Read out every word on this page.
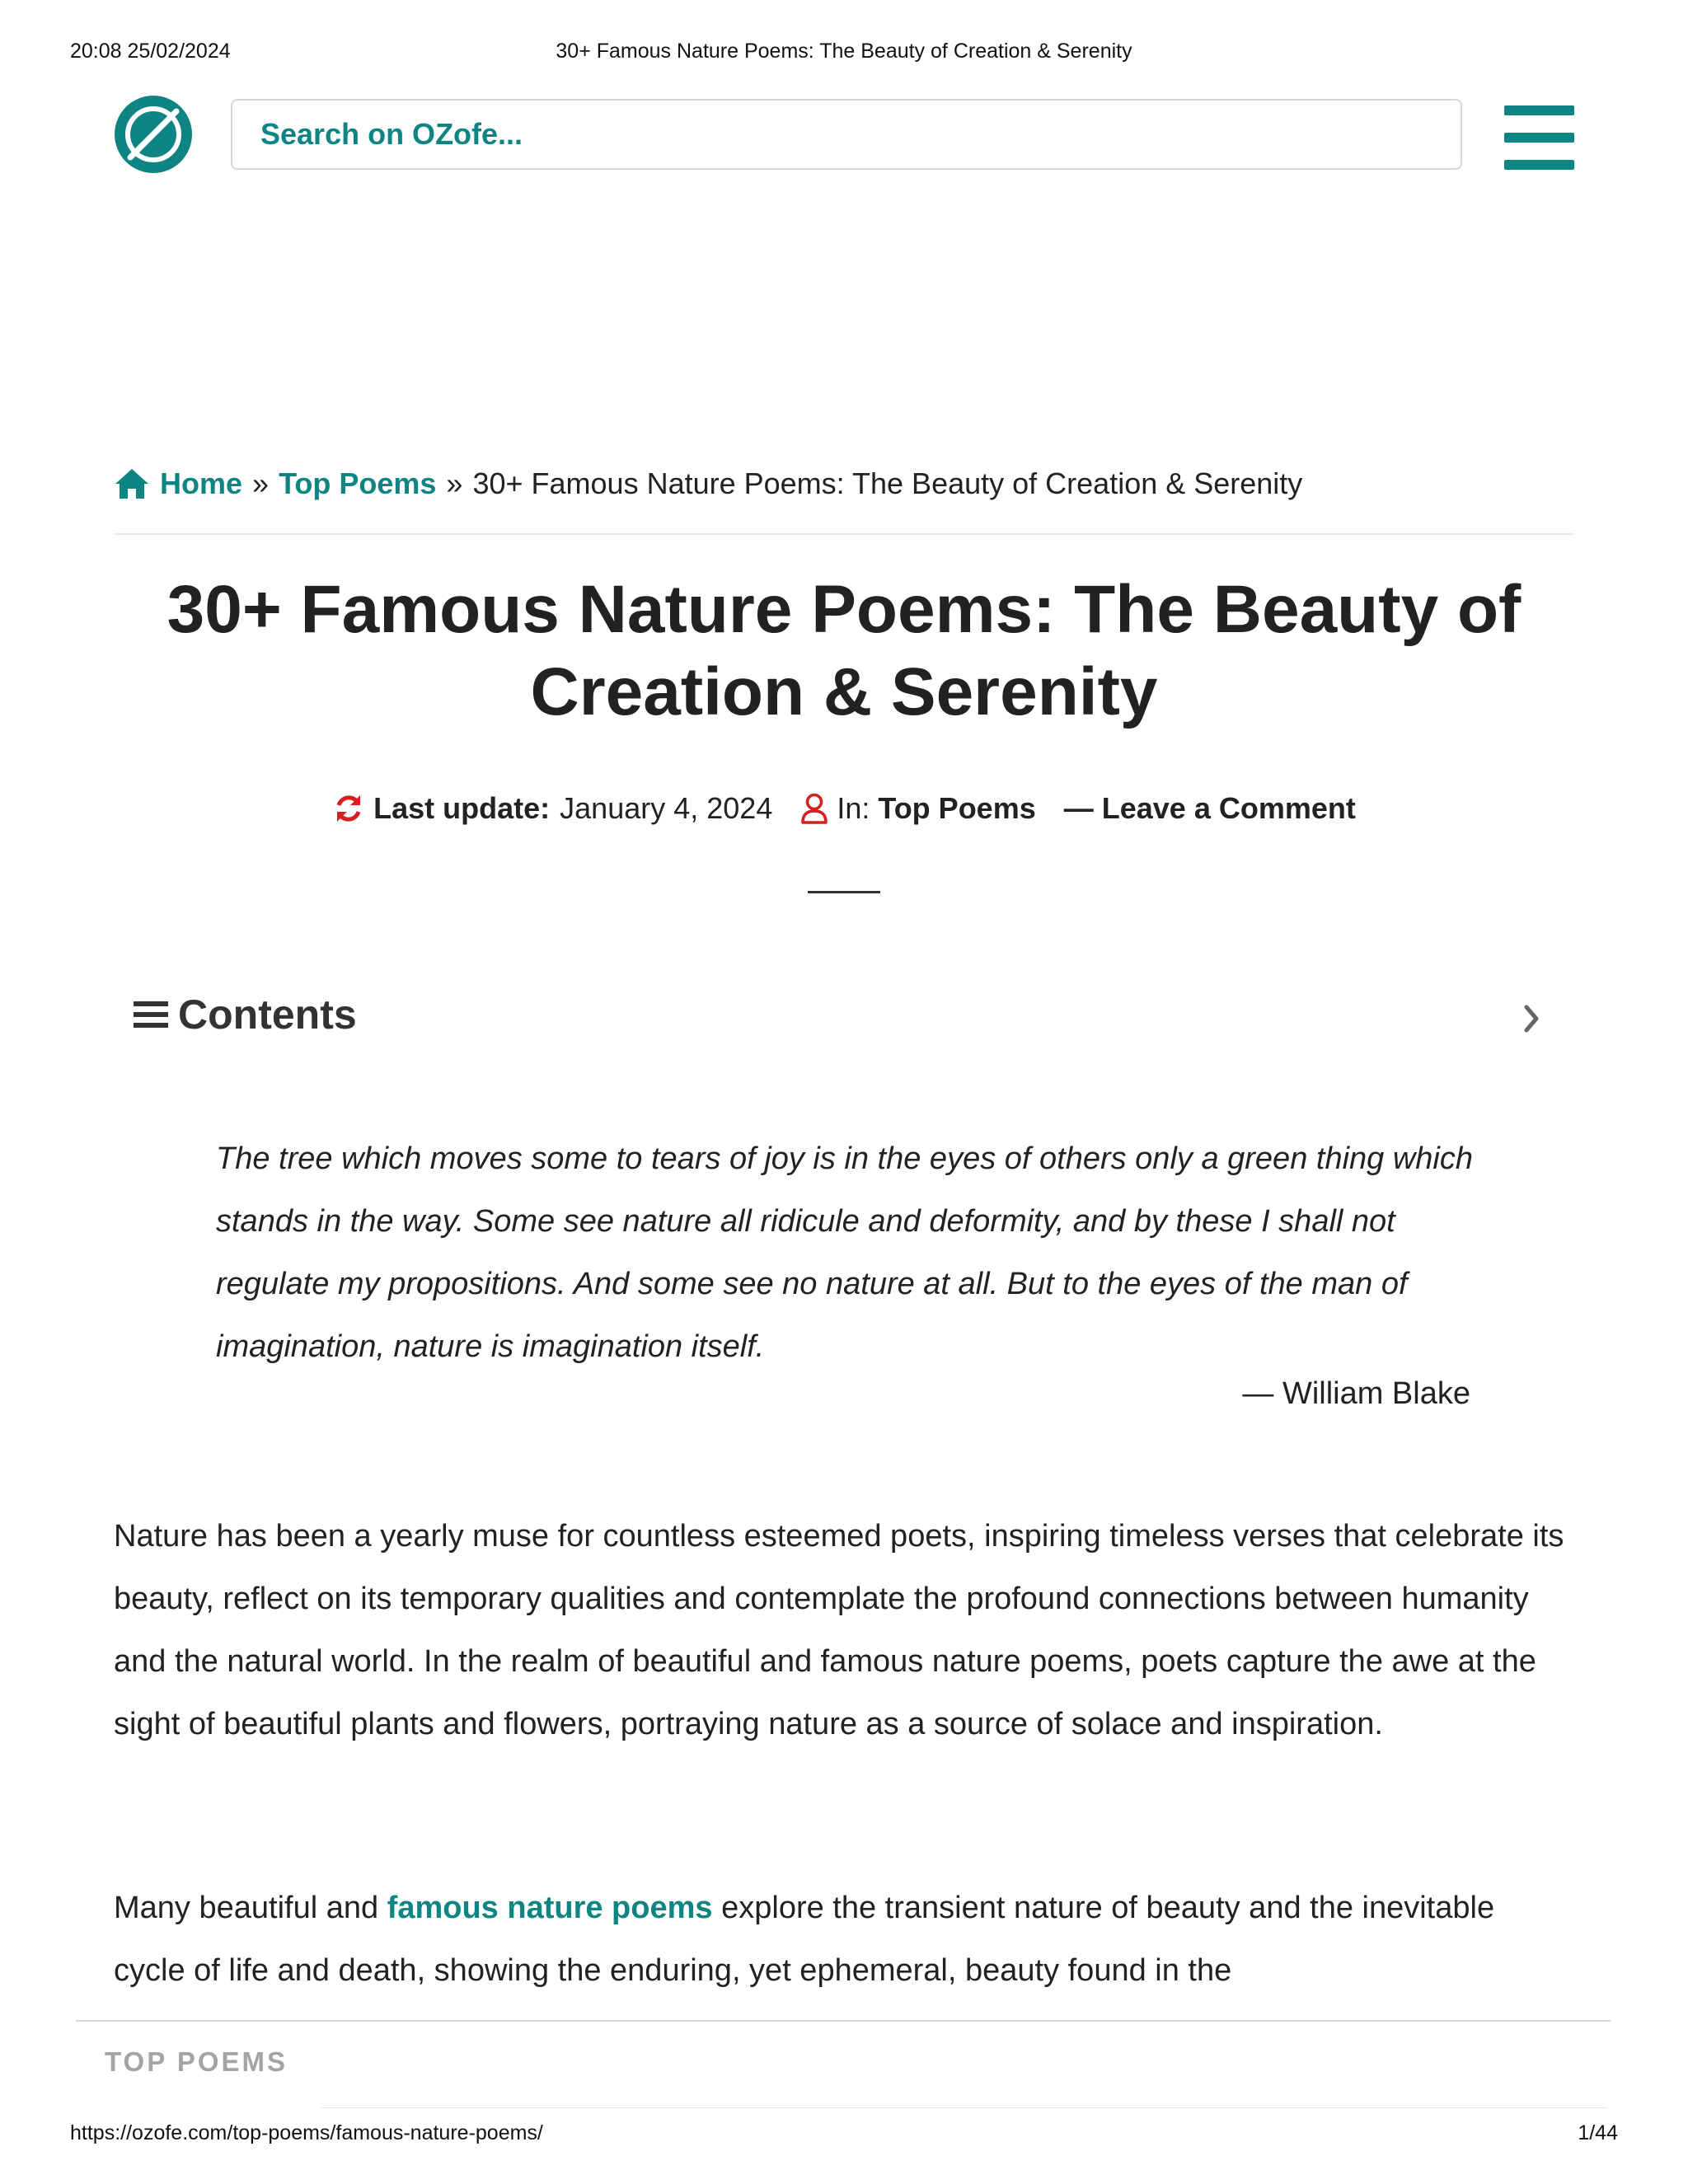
20:08 25/02/2024	30+ Famous Nature Poems: The Beauty of Creation & Serenity
Search on OZofe...
Home » Top Poems » 30+ Famous Nature Poems: The Beauty of Creation & Serenity
30+ Famous Nature Poems: The Beauty of Creation & Serenity
Last update: January 4, 2024 In: Top Poems — Leave a Comment
Contents

The tree which moves some to tears of joy is in the eyes of others only a green thing which stands in the way. Some see nature all ridicule and deformity, and by these I shall not regulate my propositions. And some see no nature at all. But to the eyes of the man of imagination, nature is imagination itself.

— William Blake

Nature has been a yearly muse for countless esteemed poets, inspiring timeless verses that celebrate its beauty, reflect on its temporary qualities and contemplate the profound connections between humanity and the natural world. In the realm of beautiful and famous nature poems, poets capture the awe at the sight of beautiful plants and flowers, portraying nature as a source of solace and inspiration.

Many beautiful and famous nature poems explore the transient nature of beauty and the inevitable cycle of life and death, showing the enduring, yet ephemeral, beauty found in the

TOP POEMS
https://ozofe.com/top-poems/famous-nature-poems/	1/44
